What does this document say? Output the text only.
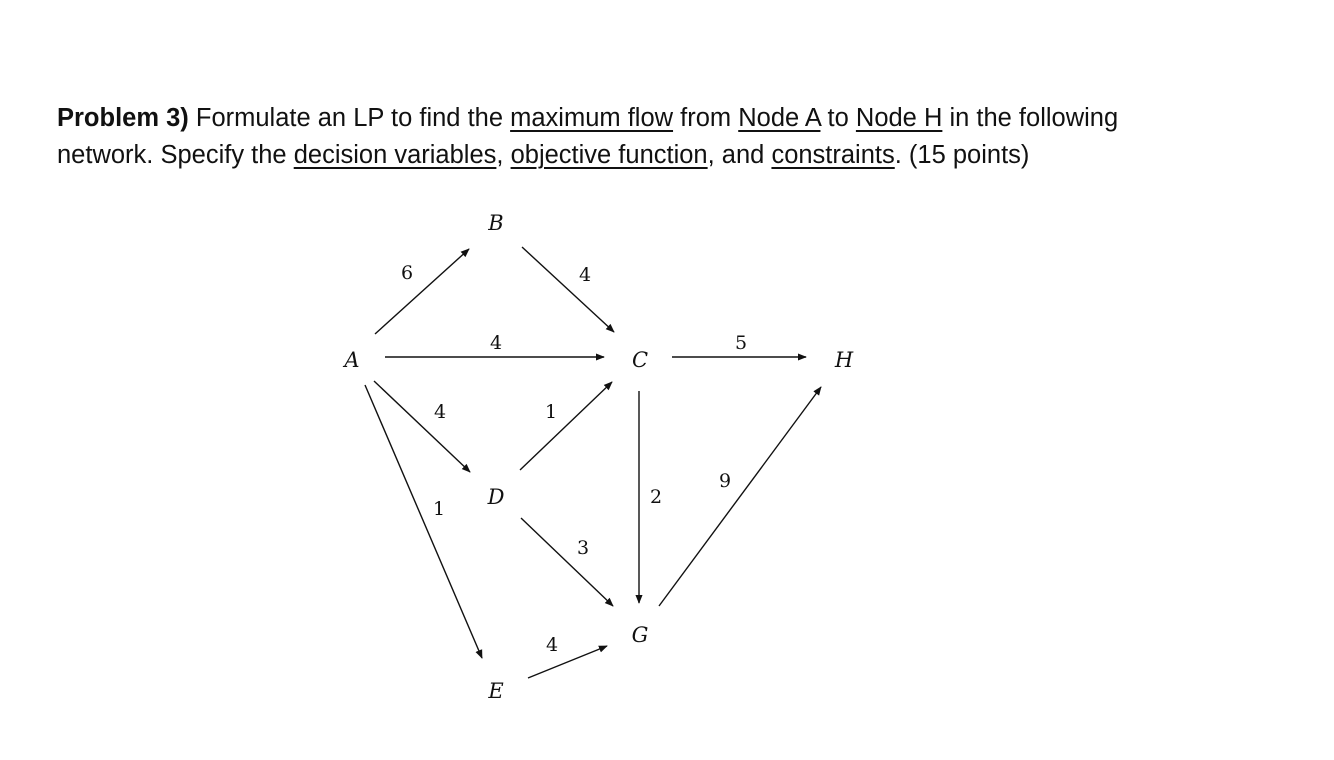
Problem 3) Formulate an LP to find the maximum flow from Node A to Node H in the following
network. Specify the decision variables, objective function, and constraints. (15 points)
A
B
C
D
E
G
H
6	4
4	5
4	1
1
2
9
3
4
